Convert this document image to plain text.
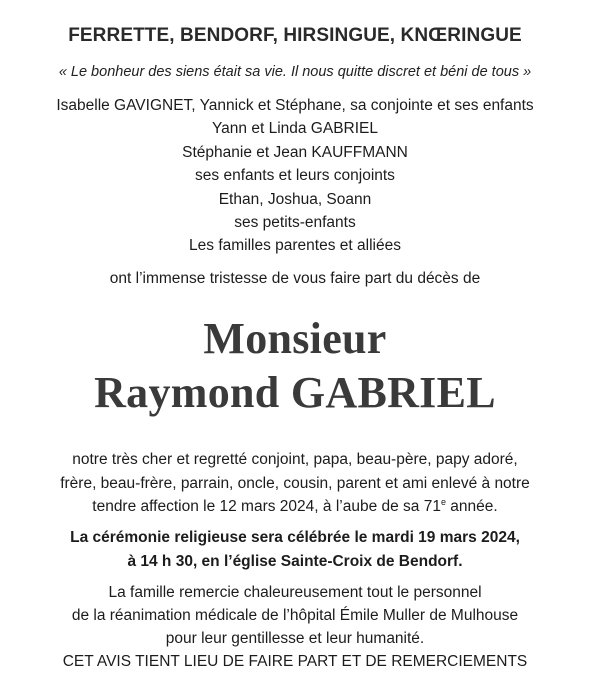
FERRETTE, BENDORF, HIRSINGUE, KNŒRINGUE
« Le bonheur des siens était sa vie. Il nous quitte discret et béni de tous »
Isabelle GAVIGNET, Yannick et Stéphane, sa conjointe et ses enfants
Yann et Linda GABRIEL
Stéphanie et Jean KAUFFMANN
ses enfants et leurs conjoints
Ethan, Joshua, Soann
ses petits-enfants
Les familles parentes et alliées
ont l’immense tristesse de vous faire part du décès de
Monsieur
Raymond GABRIEL
notre très cher et regretté conjoint, papa, beau-père, papy adoré,
frère, beau-frère, parrain, oncle, cousin, parent et ami enlevé à notre
tendre affection le 12 mars 2024, à l’aube de sa 71e année.
La cérémonie religieuse sera célébrée le mardi 19 mars 2024,
à 14 h 30, en l’église Sainte-Croix de Bendorf.
La famille remercie chaleureusement tout le personnel
de la réanimation médicale de l’hôpital Émile Muller de Mulhouse
pour leur gentillesse et leur humanité.
CET AVIS TIENT LIEU DE FAIRE PART ET DE REMERCIEMENTS
